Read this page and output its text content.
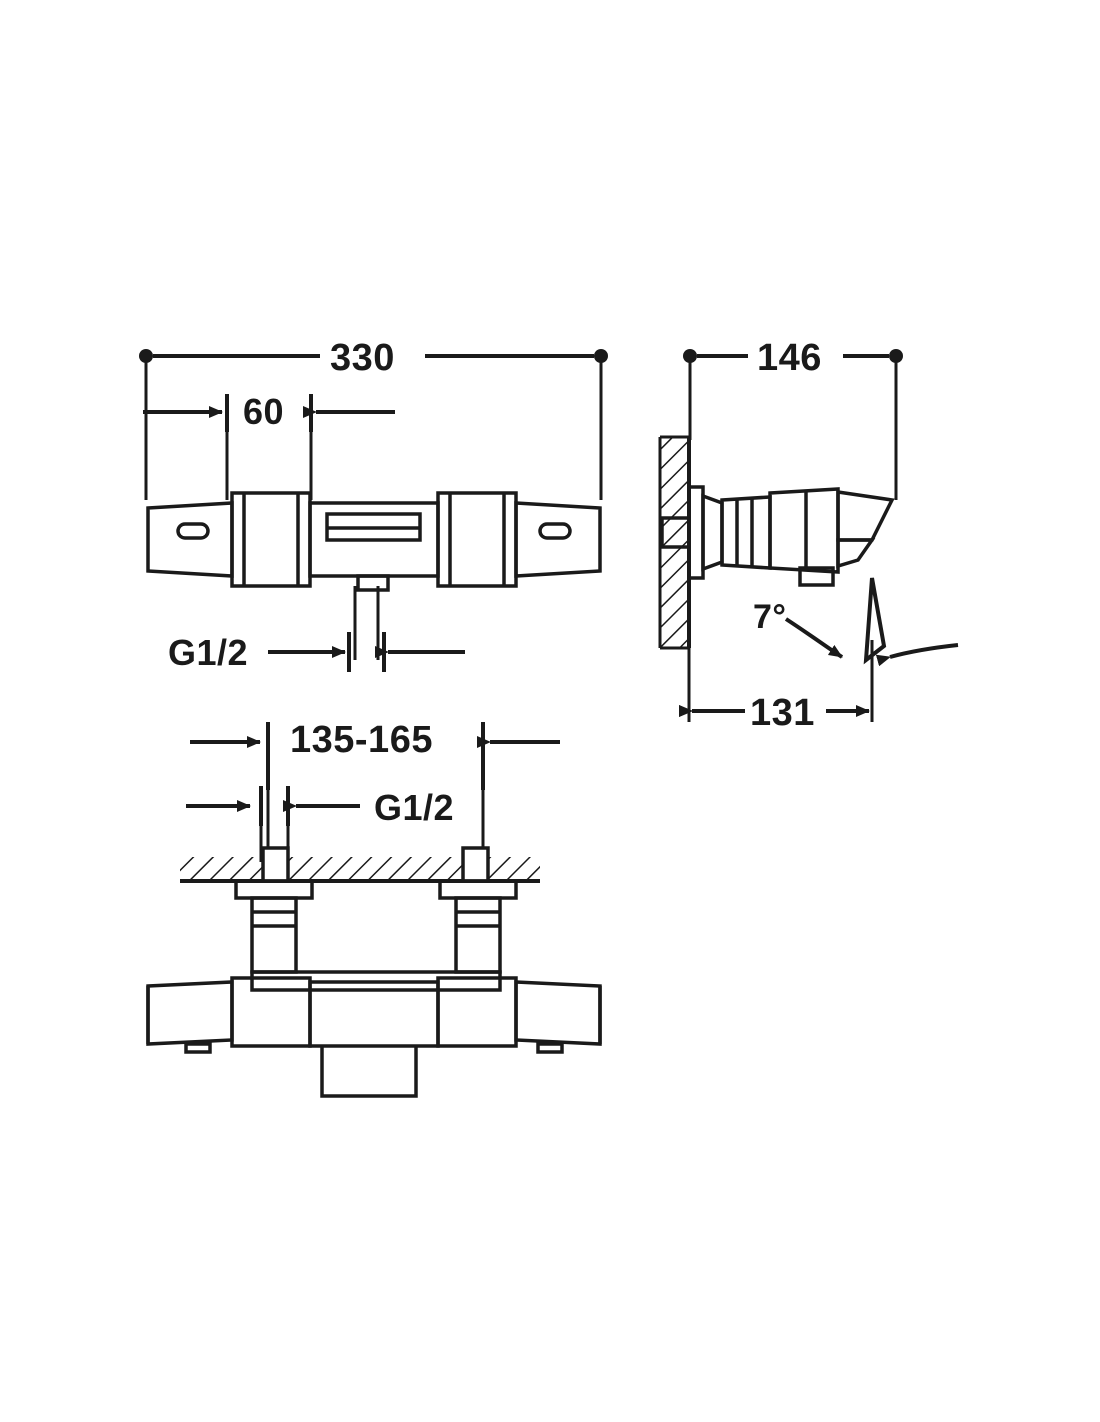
330
60
146
G1/2
131
7°
135-165
G1/2
